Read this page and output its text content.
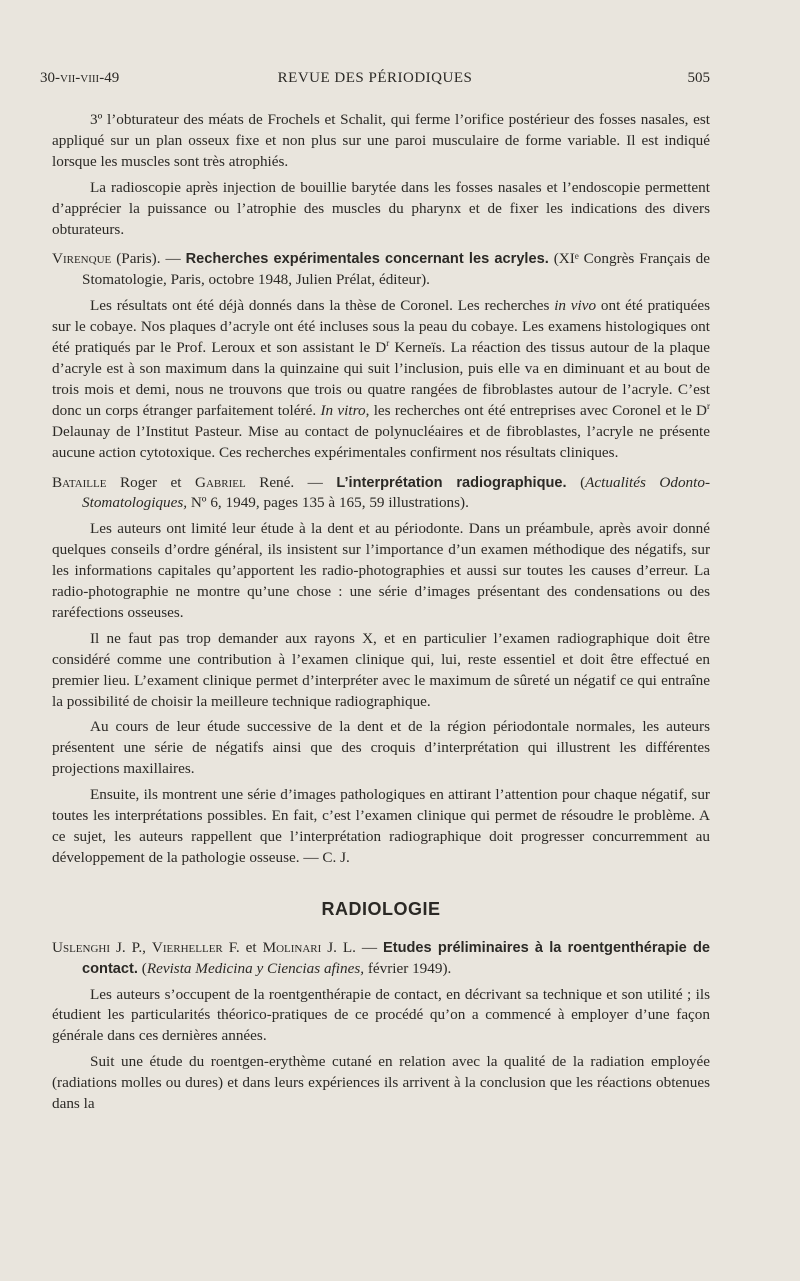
30-vii-viii-49	REVUE DES PÉRIODIQUES	505

3º l’obturateur des méats de Frochels et Schalit, qui ferme l’orifice postérieur des fosses nasales, est appliqué sur un plan osseux fixe et non plus sur une paroi musculaire de forme variable. Il est indiqué lorsque les muscles sont très atrophiés.

La radioscopie après injection de bouillie barytée dans les fosses nasales et l’endoscopie permettent d’apprécier la puissance ou l’atrophie des muscles du pharynx et de fixer les indications des divers obturateurs.

Virenque (Paris). — Recherches expérimentales concernant les acryles. (XIᵉ Congrès Français de Stomatologie, Paris, octobre 1948, Julien Prélat, éditeur).

Les résultats ont été déjà donnés dans la thèse de Coronel. Les recherches in vivo ont été pratiquées sur le cobaye. Nos plaques d’acryle ont été incluses sous la peau du cobaye. Les examens histologiques ont été pratiqués par le Prof. Leroux et son assistant le $D^r$ Kerneïs. La réaction des tissus autour de la plaque d’acryle est à son maximum dans la quinzaine qui suit l’inclusion, puis elle va en diminuant et au bout de trois mois et demi, nous ne trouvons que trois ou quatre rangées de fibroblastes autour de l’acryle. C’est donc un corps étranger parfaitement toléré. In vitro, les recherches ont été entreprises avec Coronel et le $D^r$ Delaunay de l’Institut Pasteur. Mise au contact de polynucléaires et de fibroblastes, l’acryle ne présente aucune action cytotoxique. Ces recherches expérimentales confirment nos résultats cliniques.

Bataille Roger et Gabriel René. — L’interprétation radiographique. (Actualités Odonto-Stomatologiques, Nº 6, 1949, pages 135 à 165, 59 illustrations).

Les auteurs ont limité leur étude à la dent et au périodonte. Dans un préambule, après avoir donné quelques conseils d’ordre général, ils insistent sur l’importance d’un examen méthodique des négatifs, sur les informations capitales qu’apportent les radio-photographies et aussi sur toutes les causes d’erreur. La radio-photographie ne montre qu’une chose : une série d’images présentant des condensations ou des raréfections osseuses.

Il ne faut pas trop demander aux rayons X, et en particulier l’examen radiographique doit être considéré comme une contribution à l’examen clinique qui, lui, reste essentiel et doit être effectué en premier lieu. L’exament clinique permet d’interpréter avec le maximum de sûreté un négatif ce qui entraîne la possibilité de choisir la meilleure technique radiographique.

Au cours de leur étude successive de la dent et de la région périodontale normales, les auteurs présentent une série de négatifs ainsi que des croquis d’interprétation qui illustrent les différentes projections maxillaires.

Ensuite, ils montrent une série d’images pathologiques en attirant l’attention pour chaque négatif, sur toutes les interprétations possibles. En fait, c’est l’examen clinique qui permet de résoudre le problème. A ce sujet, les auteurs rappellent que l’interprétation radiographique doit progresser concurremment au développement de la pathologie osseuse. — C. J.

RADIOLOGIE

Uslenghi J. P., Vierheller F. et Molinari J. L. — Etudes préliminaires à la roentgenthérapie de contact. (Revista Medicina y Ciencias afines, février 1949).

Les auteurs s’occupent de la roentgenthérapie de contact, en décrivant sa technique et son utilité ; ils étudient les particularités théorico-pratiques de ce procédé qu’on a commencé à employer d’une façon générale dans ces dernières années.

Suit une étude du roentgen-erythème cutané en relation avec la qualité de la radiation employée (radiations molles ou dures) et dans leurs expériences ils arrivent à la conclusion que les réactions obtenues dans la
